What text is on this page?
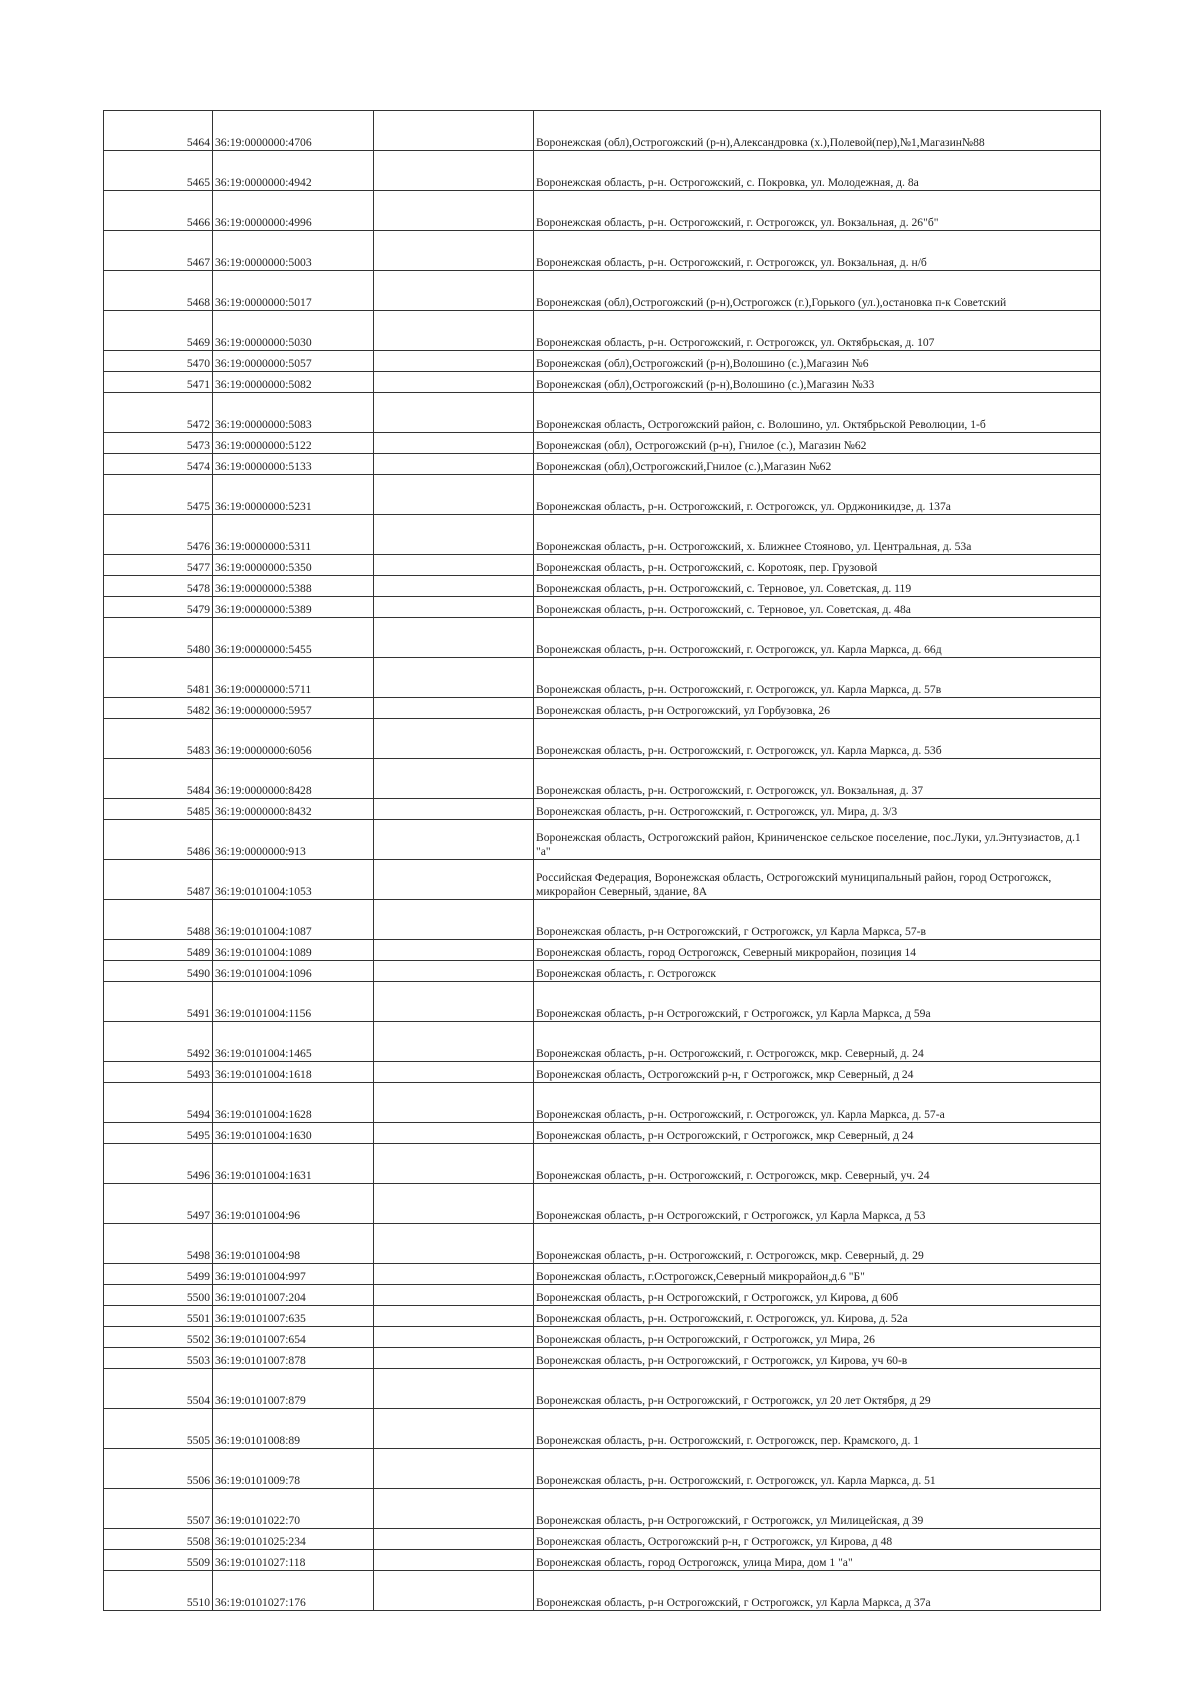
5464	36:19:0000000:4706		Воронежская (обл),Острогожский (р-н),Александровка (х.),Полевой(пер),№1,Магазин№88
5465	36:19:0000000:4942		Воронежская область, р-н. Острогожский, с. Покровка, ул. Молодежная, д. 8а
5466	36:19:0000000:4996		Воронежская область, р-н. Острогожский, г. Острогожск, ул. Вокзальная, д. 26"б"
5467	36:19:0000000:5003		Воронежская область, р-н. Острогожский, г. Острогожск, ул. Вокзальная, д. н/б
5468	36:19:0000000:5017		Воронежская (обл),Острогожский (р-н),Острогожск (г.),Горького (ул.),остановка п-к Советский
5469	36:19:0000000:5030		Воронежская область, р-н. Острогожский, г. Острогожск, ул. Октябрьская, д. 107
5470	36:19:0000000:5057		Воронежская (обл),Острогожский (р-н),Волошино (с.),Магазин №6
5471	36:19:0000000:5082		Воронежская (обл),Острогожский (р-н),Волошино (с.),Магазин №33
5472	36:19:0000000:5083		Воронежская область, Острогожский район, с. Волошино, ул. Октябрьской Революции, 1-б
5473	36:19:0000000:5122		Воронежская (обл), Острогожский (р-н), Гнилое (с.), Магазин №62
5474	36:19:0000000:5133		Воронежская (обл),Острогожский,Гнилое (с.),Магазин №62
5475	36:19:0000000:5231		Воронежская область, р-н. Острогожский, г. Острогожск, ул. Орджоникидзе, д. 137а
5476	36:19:0000000:5311		Воронежская область, р-н. Острогожский, х. Ближнее Стояново, ул. Центральная, д. 53а
5477	36:19:0000000:5350		Воронежская область, р-н. Острогожский, с. Коротояк, пер. Грузовой
5478	36:19:0000000:5388		Воронежская область, р-н. Острогожский, с. Терновое, ул. Советская, д. 119
5479	36:19:0000000:5389		Воронежская область, р-н. Острогожский, с. Терновое, ул. Советская, д. 48а
5480	36:19:0000000:5455		Воронежская область, р-н. Острогожский, г. Острогожск, ул. Карла Маркса, д. 66д
5481	36:19:0000000:5711		Воронежская область, р-н. Острогожский, г. Острогожск, ул. Карла Маркса, д. 57в
5482	36:19:0000000:5957		Воронежская область, р-н Острогожский, ул Горбузовка, 26
5483	36:19:0000000:6056		Воронежская область, р-н. Острогожский, г. Острогожск, ул. Карла Маркса, д. 53б
5484	36:19:0000000:8428		Воронежская область, р-н. Острогожский, г. Острогожск, ул. Вокзальная, д. 37
5485	36:19:0000000:8432		Воронежская область, р-н. Острогожский, г. Острогожск, ул. Мира, д. 3/3
5486	36:19:0000000:913		Воронежская область, Острогожский район, Криниченское сельское поселение, пос.Луки, ул.Энтузиастов, д.1 "а"
5487	36:19:0101004:1053		Российская Федерация, Воронежская область, Острогожский муниципальный район, город Острогожск, микрорайон Северный, здание, 8А
5488	36:19:0101004:1087		Воронежская область, р-н Острогожский, г Острогожск, ул Карла Маркса, 57-в
5489	36:19:0101004:1089		Воронежская область, город Острогожск, Северный микрорайон, позиция 14
5490	36:19:0101004:1096		Воронежская область, г. Острогожск
5491	36:19:0101004:1156		Воронежская область, р-н Острогожский, г Острогожск, ул Карла Маркса, д 59а
5492	36:19:0101004:1465		Воронежская область, р-н. Острогожский, г. Острогожск, мкр. Северный, д. 24
5493	36:19:0101004:1618		Воронежская область, Острогожский р-н, г Острогожск, мкр Северный, д 24
5494	36:19:0101004:1628		Воронежская область, р-н. Острогожский, г. Острогожск, ул. Карла Маркса, д. 57-а
5495	36:19:0101004:1630		Воронежская область, р-н Острогожский, г Острогожск, мкр Северный, д 24
5496	36:19:0101004:1631		Воронежская область, р-н. Острогожский, г. Острогожск, мкр. Северный, уч. 24
5497	36:19:0101004:96		Воронежская область, р-н Острогожский, г Острогожск, ул Карла Маркса, д 53
5498	36:19:0101004:98		Воронежская область, р-н. Острогожский, г. Острогожск, мкр. Северный, д. 29
5499	36:19:0101004:997		Воронежская область, г.Острогожск,Северный микрорайон,д.6 "Б"
5500	36:19:0101007:204		Воронежская область, р-н Острогожский, г Острогожск, ул Кирова, д 60б
5501	36:19:0101007:635		Воронежская область, р-н. Острогожский, г. Острогожск, ул. Кирова, д. 52а
5502	36:19:0101007:654		Воронежская область, р-н Острогожский, г Острогожск, ул Мира, 26
5503	36:19:0101007:878		Воронежская область, р-н Острогожский, г Острогожск, ул Кирова, уч 60-в
5504	36:19:0101007:879		Воронежская область, р-н Острогожский, г Острогожск, ул 20 лет Октября, д 29
5505	36:19:0101008:89		Воронежская область, р-н. Острогожский, г. Острогожск, пер. Крамского, д. 1
5506	36:19:0101009:78		Воронежская область, р-н. Острогожский, г. Острогожск, ул. Карла Маркса, д. 51
5507	36:19:0101022:70		Воронежская область, р-н Острогожский, г Острогожск, ул Милицейская, д 39
5508	36:19:0101025:234		Воронежская область, Острогожский р-н, г Острогожск, ул Кирова, д 48
5509	36:19:0101027:118		Воронежская область, город Острогожск, улица Мира, дом 1 "а"
5510	36:19:0101027:176		Воронежская область, р-н Острогожский, г Острогожск, ул Карла Маркса, д 37а
